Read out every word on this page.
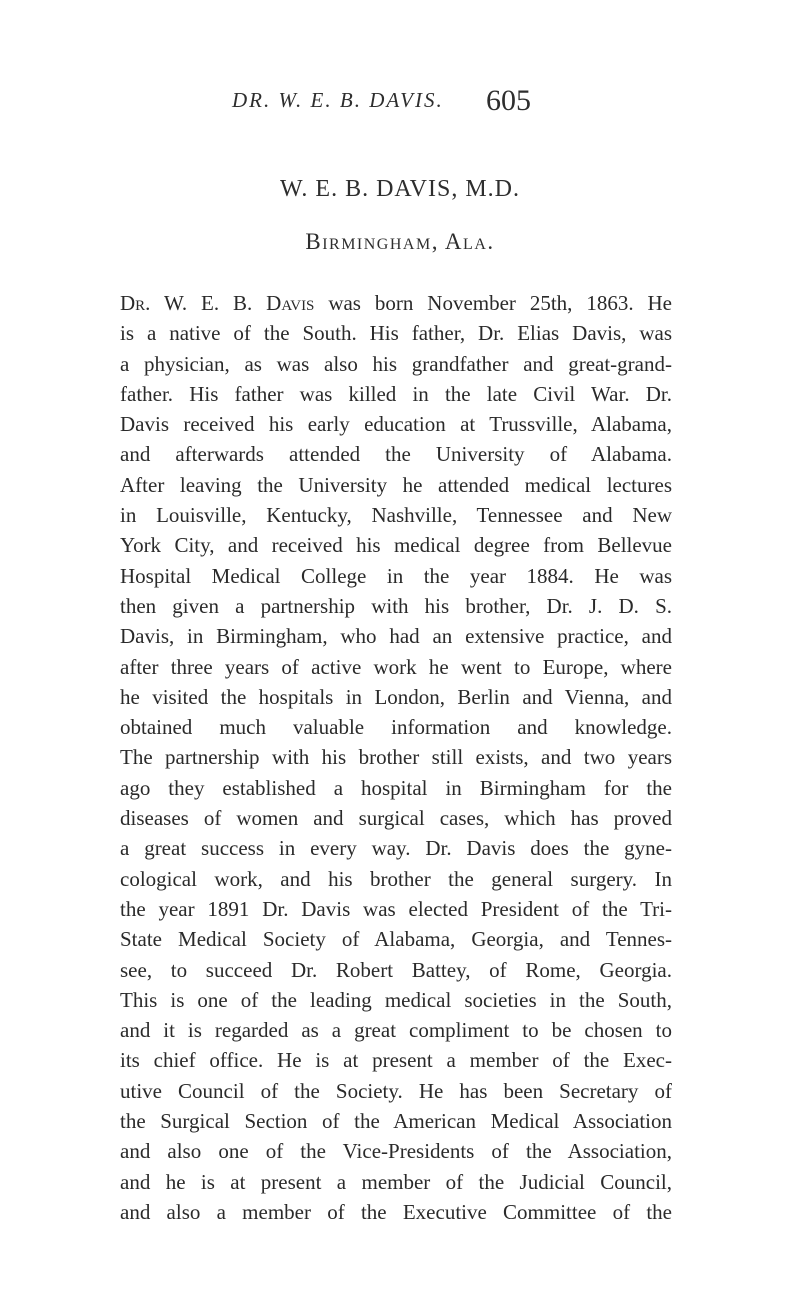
DR. W. E. B. DAVIS. 605
W. E. B. DAVIS, M.D.
Birmingham, Ala.
Dr. W. E. B. Davis was born November 25th, 1863. He
is a native of the South. His father, Dr. Elias Davis, was
a physician, as was also his grandfather and great-grand-
father. His father was killed in the late Civil War. Dr.
Davis received his early education at Trussville, Alabama,
and afterwards attended the University of Alabama.
After leaving the University he attended medical lectures
in Louisville, Kentucky, Nashville, Tennessee and New
York City, and received his medical degree from Bellevue
Hospital Medical College in the year 1884. He was
then given a partnership with his brother, Dr. J. D. S.
Davis, in Birmingham, who had an extensive practice, and
after three years of active work he went to Europe, where
he visited the hospitals in London, Berlin and Vienna, and
obtained much valuable information and knowledge.
The partnership with his brother still exists, and two years
ago they established a hospital in Birmingham for the
diseases of women and surgical cases, which has proved
a great success in every way. Dr. Davis does the gyne-
cological work, and his brother the general surgery. In
the year 1891 Dr. Davis was elected President of the Tri-
State Medical Society of Alabama, Georgia, and Tennes-
see, to succeed Dr. Robert Battey, of Rome, Georgia.
This is one of the leading medical societies in the South,
and it is regarded as a great compliment to be chosen to
its chief office. He is at present a member of the Exec-
utive Council of the Society. He has been Secretary of
the Surgical Section of the American Medical Association
and also one of the Vice-Presidents of the Association,
and he is at present a member of the Judicial Council,
and also a member of the Executive Committee of the
